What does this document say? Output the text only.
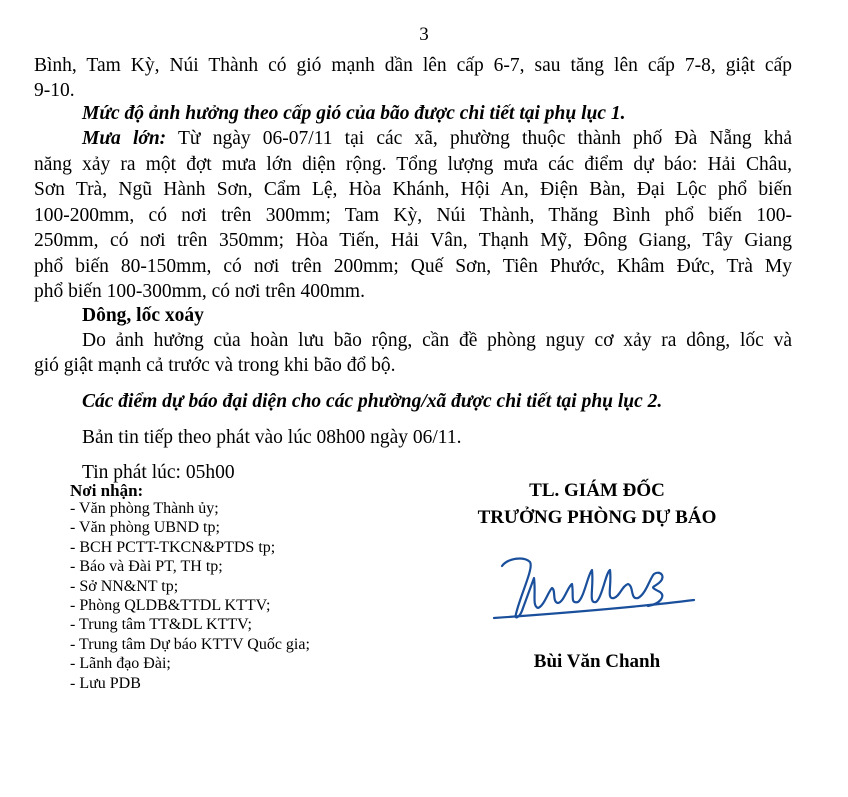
3
Bình, Tam Kỳ, Núi Thành có gió mạnh dần lên cấp 6-7, sau tăng lên cấp 7-8, giật cấp
9-10.
Mức độ ảnh hưởng theo cấp gió của bão được chi tiết tại phụ lục 1.
Mưa lớn: Từ ngày 06-07/11 tại các xã, phường thuộc thành phố Đà Nẵng khả
năng xảy ra một đợt mưa lớn diện rộng. Tổng lượng mưa các điểm dự báo: Hải Châu,
Sơn Trà, Ngũ Hành Sơn, Cẩm Lệ, Hòa Khánh, Hội An, Điện Bàn, Đại Lộc phổ biến
100-200mm, có nơi trên 300mm; Tam Kỳ, Núi Thành, Thăng Bình phổ biến 100-
250mm, có nơi trên 350mm; Hòa Tiến, Hải Vân, Thạnh Mỹ, Đông Giang, Tây Giang
phổ biến 80-150mm, có nơi trên 200mm; Quế Sơn, Tiên Phước, Khâm Đức, Trà My
phổ biến 100-300mm, có nơi trên 400mm.
Dông, lốc xoáy
Do ảnh hưởng của hoàn lưu bão rộng, cần đề phòng nguy cơ xảy ra dông, lốc và
gió giật mạnh cả trước và trong khi bão đổ bộ.
Các điểm dự báo đại diện cho các phường/xã được chi tiết tại phụ lục 2.
Bản tin tiếp theo phát vào lúc 08h00 ngày 06/11.
Tin phát lúc: 05h00
Nơi nhận:
- Văn phòng Thành ủy;
- Văn phòng UBND tp;
- BCH PCTT-TKCN&PTDS tp;
- Báo và Đài PT, TH tp;
- Sở NN&NT tp;
- Phòng QLDB&TTDL KTTV;
- Trung tâm TT&DL KTTV;
- Trung tâm Dự báo KTTV Quốc gia;
- Lãnh đạo Đài;
- Lưu PDB
TL. GIÁM ĐỐC
TRƯỞNG PHÒNG DỰ BÁO
Bùi Văn Chanh
